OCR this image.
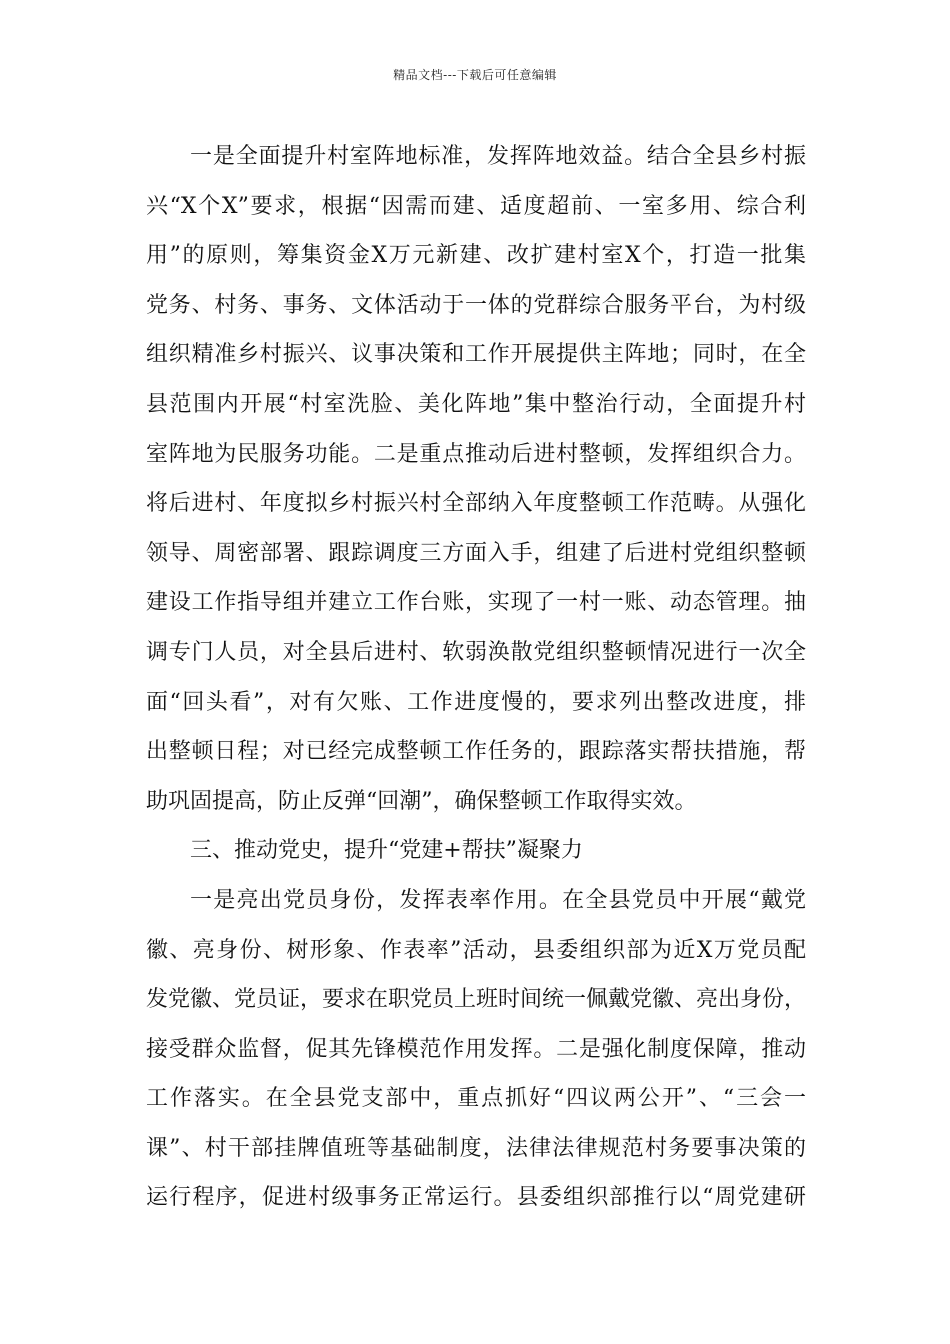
精品文档---下载后可任意编辑
一是全面提升村室阵地标准，发挥阵地效益。结合全县乡村振
兴“X个X”要求，根据“因需而建、适度超前、一室多用、综合利
用”的原则，筹集资金X万元新建、改扩建村室X个，打造一批集
党务、村务、事务、文体活动于一体的党群综合服务平台，为村级
组织精准乡村振兴、议事决策和工作开展提供主阵地；同时，在全
县范围内开展“村室洗脸、美化阵地”集中整治行动，全面提升村
室阵地为民服务功能。二是重点推动后进村整顿，发挥组织合力。
将后进村、年度拟乡村振兴村全部纳入年度整顿工作范畴。从强化
领导、周密部署、跟踪调度三方面入手，组建了后进村党组织整顿
建设工作指导组并建立工作台账，实现了一村一账、动态管理。抽
调专门人员，对全县后进村、软弱涣散党组织整顿情况进行一次全
面“回头看”，对有欠账、工作进度慢的，要求列出整改进度，排
出整顿日程；对已经完成整顿工作任务的，跟踪落实帮扶措施，帮
助巩固提高，防止反弹“回潮”，确保整顿工作取得实效。
三、推动党史，提升“党建+帮扶”凝聚力
一是亮出党员身份，发挥表率作用。在全县党员中开展“戴党
徽、亮身份、树形象、作表率”活动，县委组织部为近X万党员配
发党徽、党员证，要求在职党员上班时间统一佩戴党徽、亮出身份，
接受群众监督，促其先锋模范作用发挥。二是强化制度保障，推动
工作落实。在全县党支部中，重点抓好“四议两公开”、“三会一
课”、村干部挂牌值班等基础制度，法律法律规范村务要事决策的
运行程序，促进村级事务正常运行。县委组织部推行以“周党建研
